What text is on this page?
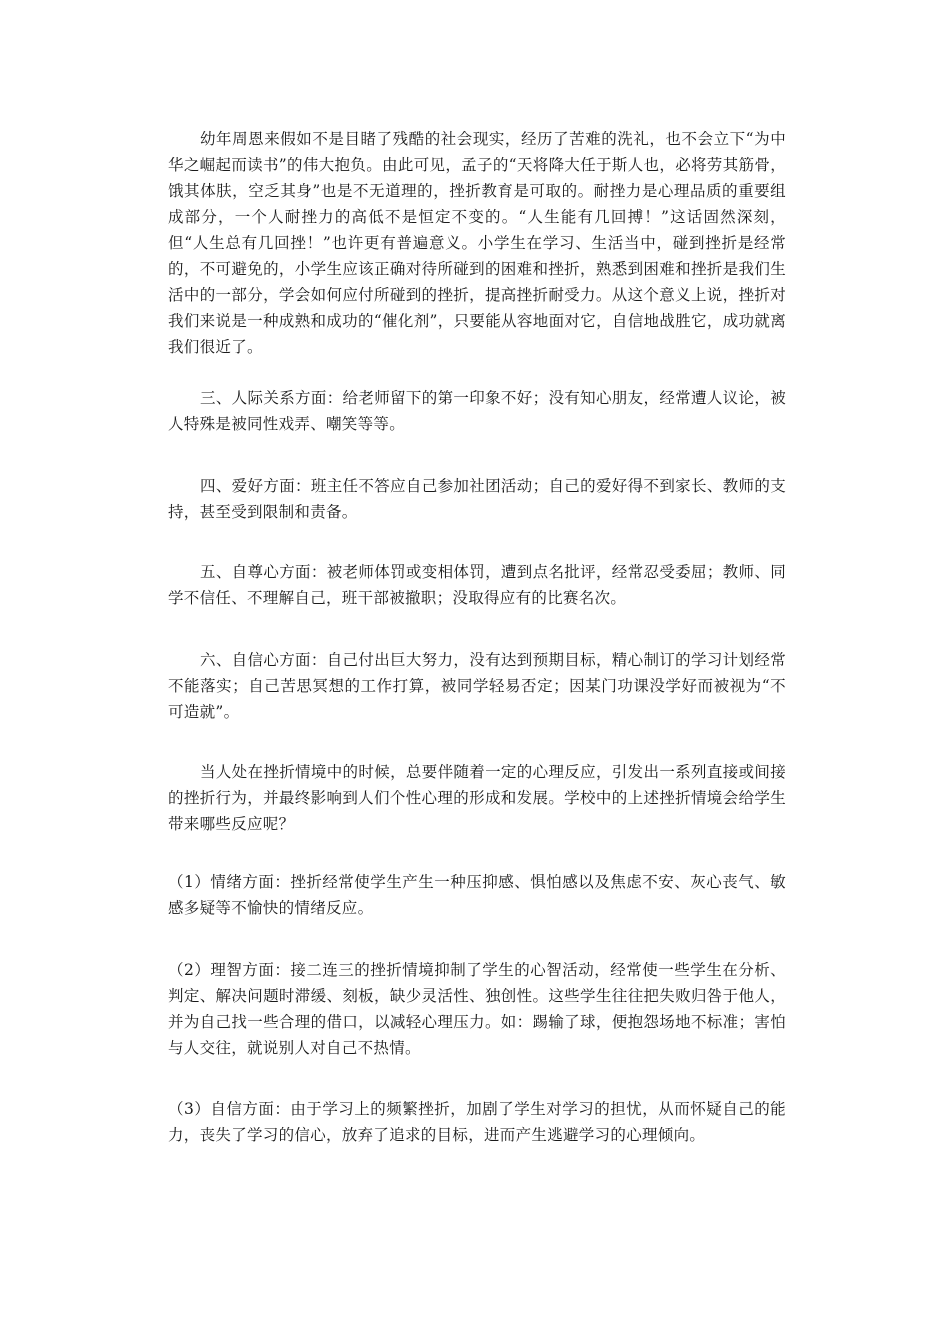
幼年周恩来假如不是目睹了残酷的社会现实，经历了苦难的洗礼，也不会立下“为中华之崛起而读书”的伟大抱负。由此可见，孟子的“天将降大任于斯人也，必将劳其筋骨，饿其体肤，空乏其身”也是不无道理的，挫折教育是可取的。耐挫力是心理品质的重要组成部分，一个人耐挫力的高低不是恒定不变的。“人生能有几回搏！”这话固然深刻，但“人生总有几回挫！”也许更有普遍意义。小学生在学习、生活当中，碰到挫折是经常的，不可避免的，小学生应该正确对待所碰到的困难和挫折，熟悉到困难和挫折是我们生活中的一部分，学会如何应付所碰到的挫折，提高挫折耐受力。从这个意义上说，挫折对我们来说是一种成熟和成功的“催化剂”，只要能从容地面对它，自信地战胜它，成功就离我们很近了。

三、人际关系方面：给老师留下的第一印象不好；没有知心朋友，经常遭人议论，被人特殊是被同性戏弄、嘲笑等等。

四、爱好方面：班主任不答应自己参加社团活动；自己的爱好得不到家长、教师的支持，甚至受到限制和责备。

五、自尊心方面：被老师体罚或变相体罚，遭到点名批评，经常忍受委屈；教师、同学不信任、不理解自己，班干部被撤职；没取得应有的比赛名次。

六、自信心方面：自己付出巨大努力，没有达到预期目标，精心制订的学习计划经常不能落实；自己苦思冥想的工作打算，被同学轻易否定；因某门功课没学好而被视为“不可造就”。

当人处在挫折情境中的时候，总要伴随着一定的心理反应，引发出一系列直接或间接的挫折行为，并最终影响到人们个性心理的形成和发展。学校中的上述挫折情境会给学生带来哪些反应呢？

（1）情绪方面：挫折经常使学生产生一种压抑感、惧怕感以及焦虑不安、灰心丧气、敏感多疑等不愉快的情绪反应。

（2）理智方面：接二连三的挫折情境抑制了学生的心智活动，经常使一些学生在分析、判定、解决问题时滞缓、刻板，缺少灵活性、独创性。这些学生往往把失败归咎于他人，并为自己找一些合理的借口，以减轻心理压力。如：踢输了球，便抱怨场地不标准；害怕与人交往，就说别人对自己不热情。

（3）自信方面：由于学习上的频繁挫折，加剧了学生对学习的担忧，从而怀疑自己的能力，丧失了学习的信心，放弃了追求的目标，进而产生逃避学习的心理倾向。
